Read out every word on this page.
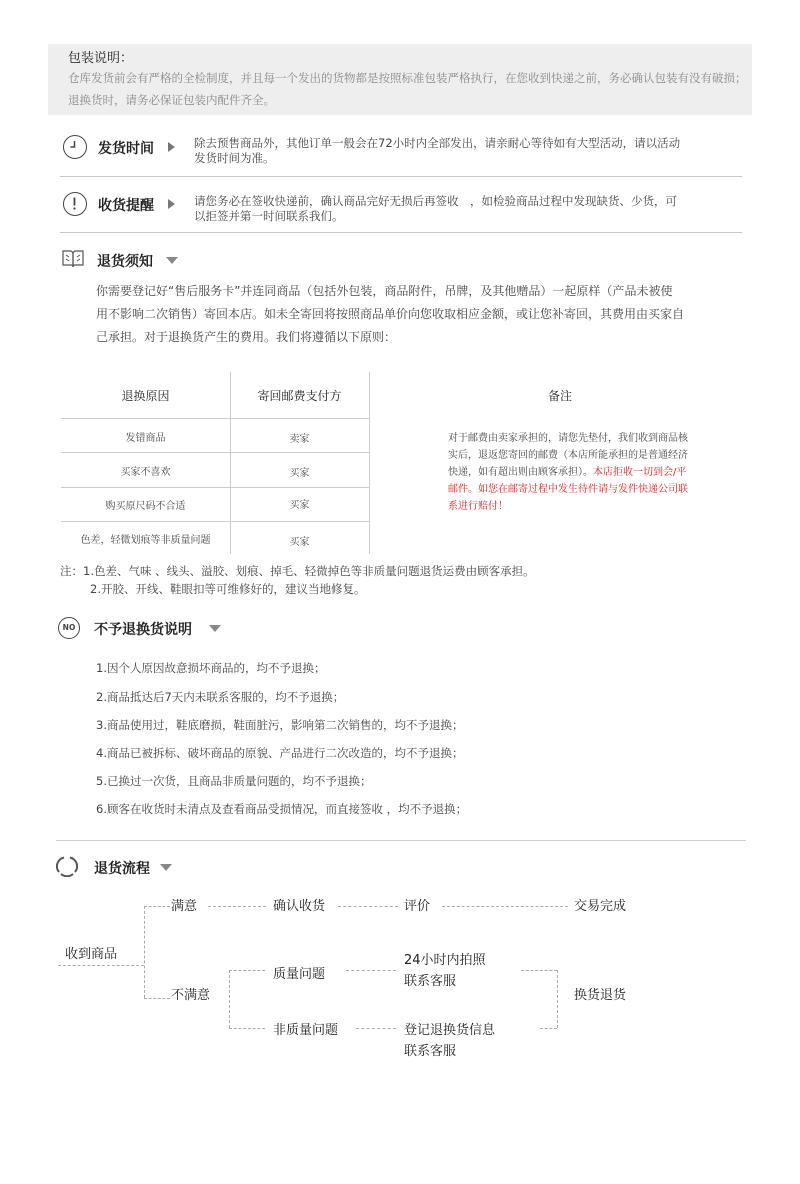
包装说明：
仓库发货前会有严格的全检制度，并且每一个发出的货物都是按照标准包装严格执行，在您收到快递之前，务必确认包装有没有破损；退换货时，请务必保证包装内配件齐全。
发货时间	除去预售商品外，其他订单一般会在72小时内全部发出，请亲耐心等待如有大型活动，请以活动
发货时间为准。
收货提醒	请您务必在签收快递前，确认商品完好无损后再签收　，如检验商品过程中发现缺货、少货，可
以拒签并第一时间联系我们。
退货须知
你需要登记好“售后服务卡”并连同商品（包括外包装，商品附件，吊牌，及其他赠品）一起原样（产品未被使
用不影响二次销售）寄回本店。如未全寄回将按照商品单价向您收取相应金额，或让您补寄回，其费用由买家自
己承担。对于退换货产生的费用。我们将遵循以下原则：
退换原因	寄回邮费支付方	备注
发错商品	卖家
买家不喜欢	买家
购买原尺码不合适	买家
色差，轻微划痕等非质量问题	买家
对于邮费由卖家承担的，请您先垫付，我们收到商品核实后，退返您寄回的邮费（本店所能承担的是普通经济快递，如有超出则由顾客承担）。本店拒收一切到会/平邮件。如您在邮寄过程中发生待件请与发件快递公司联系进行赔付！
注：1.色差、气味 、线头、溢胶、划痕、掉毛、轻微掉色等非质量问题退货运费由顾客承担。
2.开胶、开线、鞋眼扣等可维修好的，建议当地修复。
NO	不予退换货说明
1.因个人原因故意损坏商品的，均不予退换；
2.商品抵达后7天内未联系客服的，均不予退换；
3.商品使用过，鞋底磨损，鞋面脏污，影响第二次销售的，均不予退换；
4.商品已被拆标、破坏商品的原貌、产品进行二次改造的，均不予退换；
5.已换过一次货，且商品非质量问题的，均不予退换；
6.顾客在收货时未清点及查看商品受损情况，而直接签收 ，均不予退换；
退货流程
收到商品
满意	确认收货	评价	交易完成
不满意
质量问题
非质量问题
24小时内拍照
联系客服
登记退换货信息
联系客服
换货退货
